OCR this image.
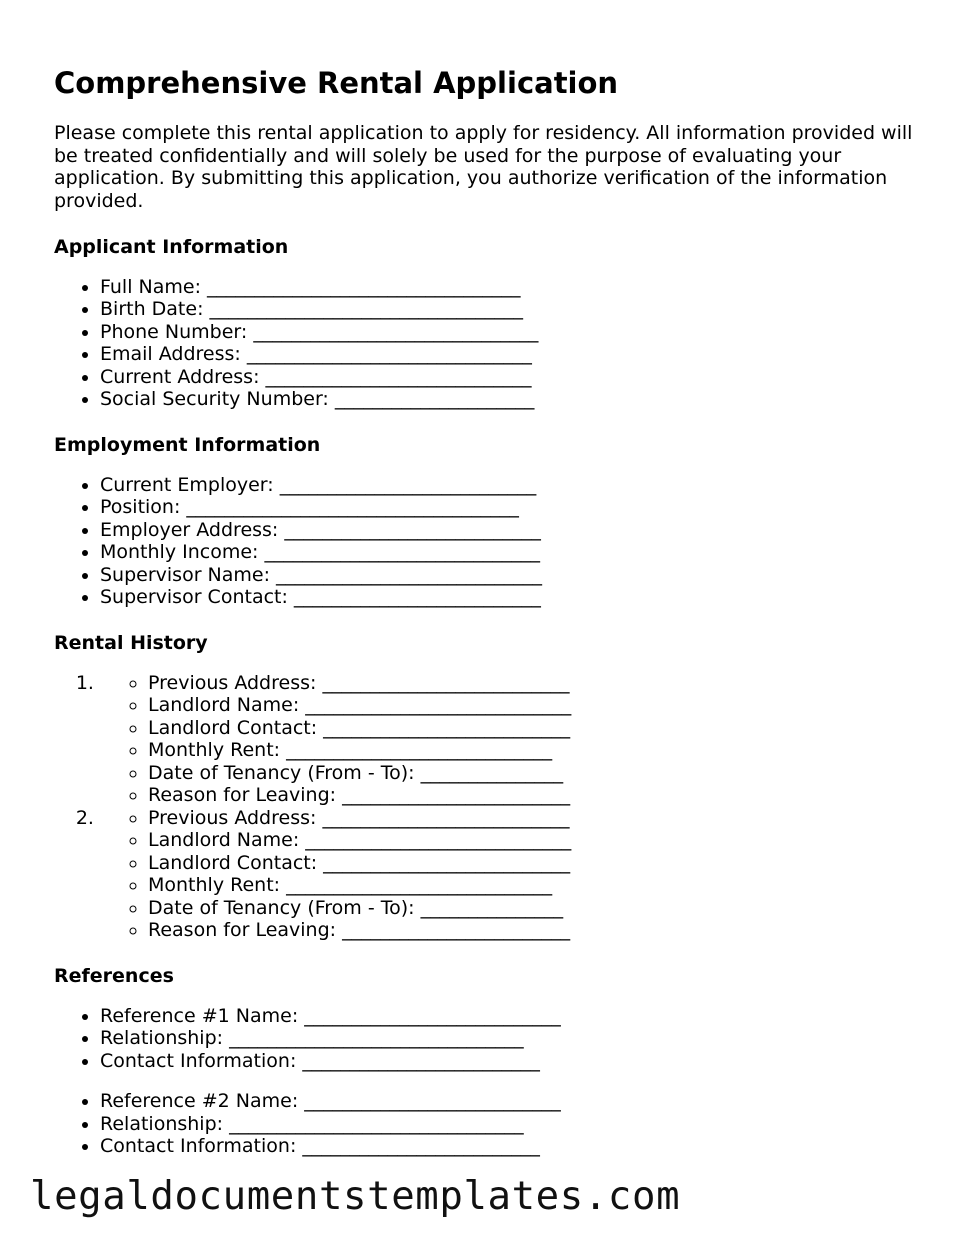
Comprehensive Rental Application

Please complete this rental application to apply for residency. All information provided will be treated confidentially and will solely be used for the purpose of evaluating your application. By submitting this application, you authorize verification of the information provided.

Applicant Information
• Full Name: _________________________________
• Birth Date: _________________________________
• Phone Number: ______________________________
• Email Address: ______________________________
• Current Address: ____________________________
• Social Security Number: _____________________
Employment Information
• Current Employer: ___________________________
• Position: ___________________________________
• Employer Address: ___________________________
• Monthly Income: _____________________________
• Supervisor Name: ____________________________
• Supervisor Contact: __________________________
Rental History
◦ 1. Previous Address: __________________________
◦ Landlord Name: ____________________________
◦ Landlord Contact: __________________________
◦ Monthly Rent: ____________________________
◦ Date of Tenancy (From - To): _______________
◦ Reason for Leaving: ________________________
◦ 2. Previous Address: __________________________
◦ Landlord Name: ____________________________
◦ Landlord Contact: __________________________
◦ Monthly Rent: ____________________________
◦ Date of Tenancy (From - To): _______________
◦ Reason for Leaving: ________________________
References
• Reference #1 Name: ___________________________
• Relationship: _______________________________
• Contact Information: _________________________
• Reference #2 Name: ___________________________
• Relationship: _______________________________
• Contact Information: _________________________
legaldocumentstemplates.com
